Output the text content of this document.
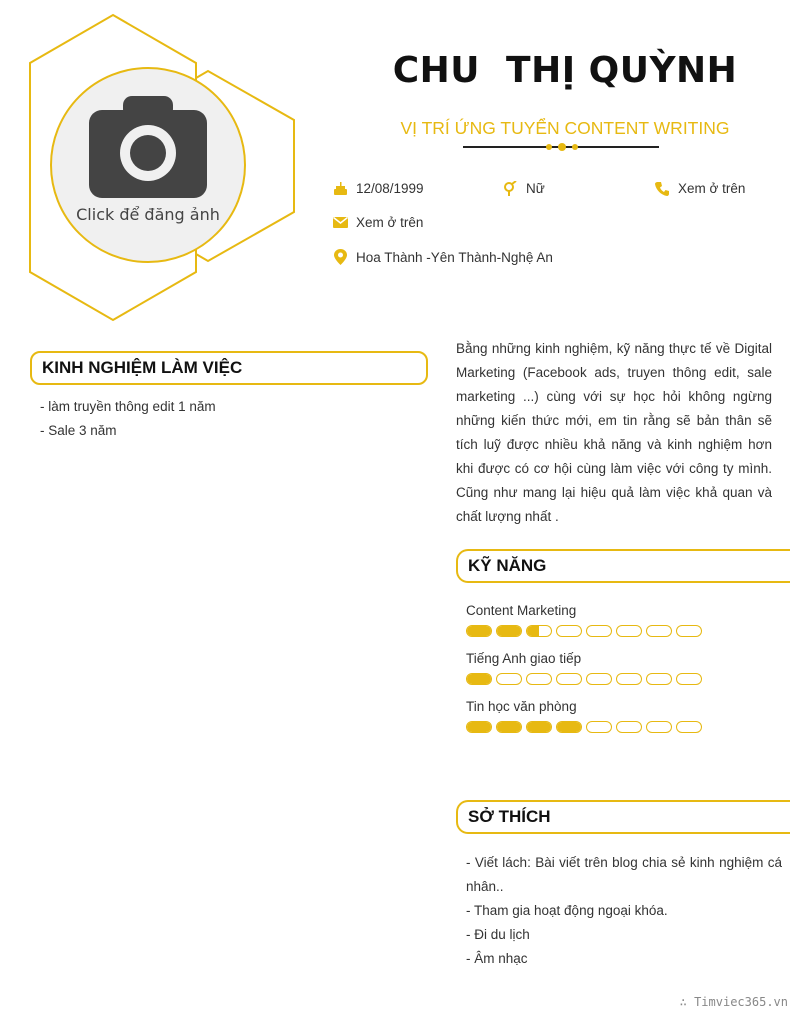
Click để đăng ảnh
CHU  THỊ QUỲNH
VỊ TRÍ ỨNG TUYỂN CONTENT WRITING
12/08/1999	Nữ	Xem ở trên
Xem ở trên
Hoa Thành -Yên Thành-Nghệ An
KINH NGHIỆM LÀM VIỆC
- làm truyền thông edit 1 năm
- Sale 3 năm
Bằng những kinh nghiệm, kỹ năng thực tế về Digital Marketing (Facebook ads, truyen thông edit, sale marketing ...) cùng với sự học hỏi không ngừng những kiến thức mới, em tin rằng sẽ bản thân sẽ tích luỹ được nhiều khả năng và kinh nghiệm hơn khi được có cơ hội cùng làm việc với công ty mình. Cũng như mang lại hiệu quả làm việc khả quan và chất lượng nhất .
KỸ NĂNG
Content Marketing
Tiếng Anh giao tiếp
Tin học văn phòng
SỞ THÍCH
- Viết lách: Bài viết trên blog chia sẻ kinh nghiệm cá nhân..
- Tham gia hoạt động ngoại khóa.
- Đi du lịch
- Âm nhạc
∴ Timviec365.vn
